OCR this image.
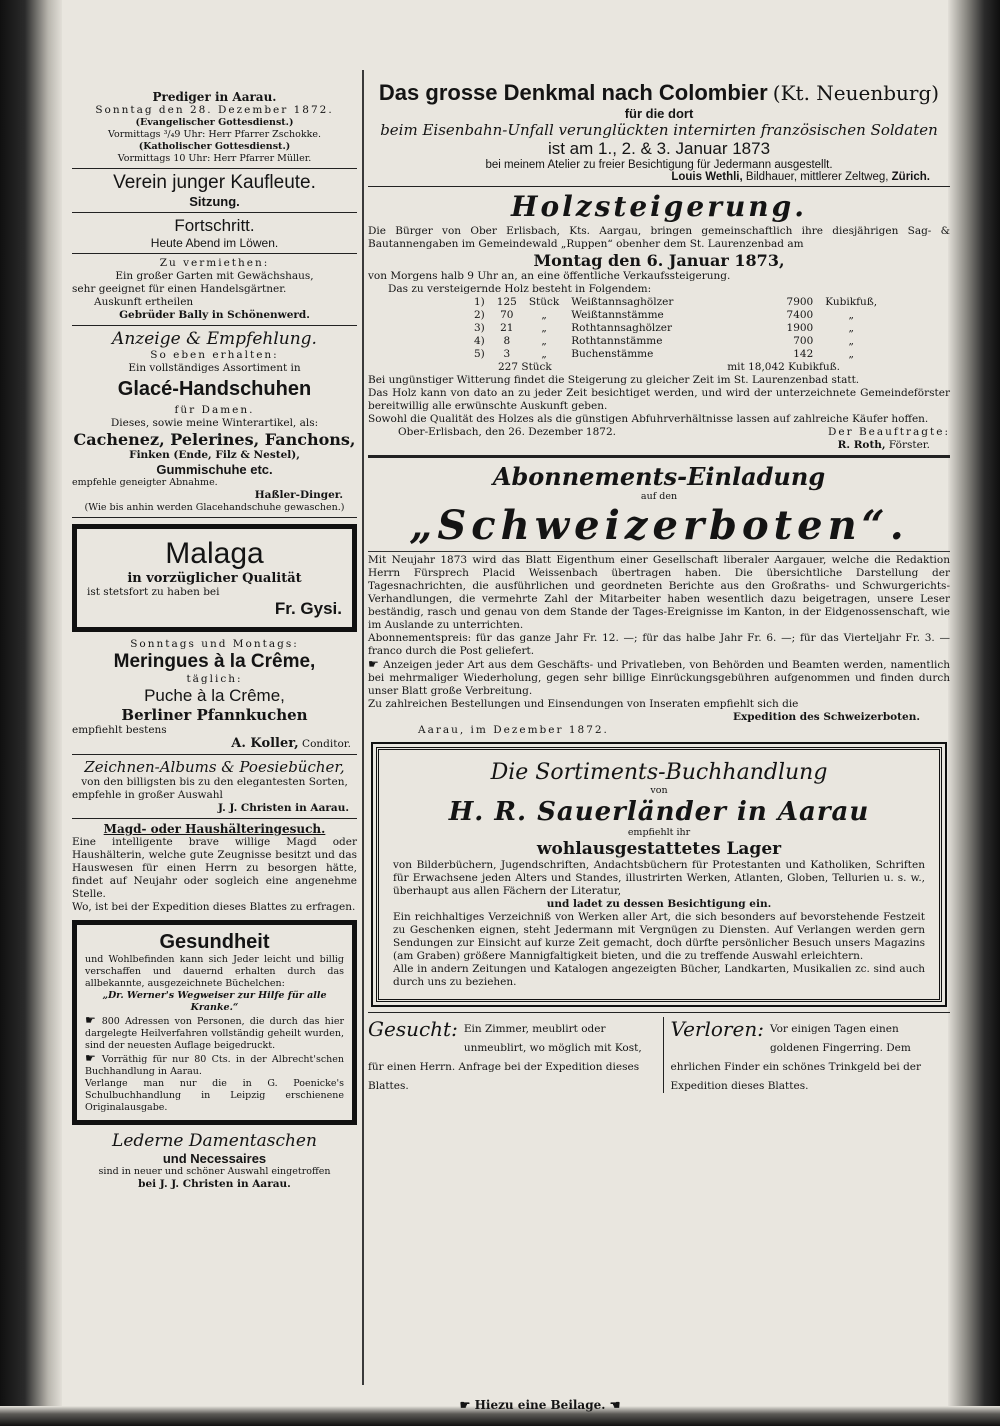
Prediger in Aarau.
Sonntag den 28. Dezember 1872.
(Evangelischer Gottesdienst.)
Vormittags ³/₄9 Uhr: Herr Pfarrer Zschokke.
(Katholischer Gottesdienst.)
Vormittags 10 Uhr: Herr Pfarrer Müller.
Verein junger Kaufleute.
Sitzung.
Fortschritt.
Heute Abend im Löwen.
Zu vermiethen:
Ein großer Garten mit Gewächshaus,
sehr geeignet für einen Handelsgärtner.
Auskunft ertheilen
Gebrüder Bally in Schönenwerd.
Anzeige & Empfehlung.
So eben erhalten:
Ein vollständiges Assortiment in
Glacé-Handschuhen
für Damen.
Dieses, sowie meine Winterartikel, als:
Cachenez, Pelerines, Fanchons,
Finken (Ende, Filz & Nestel),
Gummischuhe etc.
empfehle geneigter Abnahme.
Haßler-Dinger.
(Wie bis anhin werden Glacehandschuhe gewaschen.)
Malaga
in vorzüglicher Qualität
ist stetsfort zu haben bei
Fr. Gysi.
Sonntags und Montags:
Meringues à la Crême,
täglich:
Puche à la Crême,
Berliner Pfannkuchen
empfiehlt bestens
A. Koller, Conditor.
Zeichnen-Albums & Poesiebücher,
von den billigsten bis zu den elegantesten Sorten,
empfehle in großer Auswahl
J. J. Christen in Aarau.
Magd- oder Haushälteringesuch.
Eine intelligente brave willige Magd oder Haushälterin, welche gute Zeugnisse besitzt und das Hauswesen für einen Herrn zu besorgen hätte, findet auf Neujahr oder sogleich eine angenehme Stelle.
Wo, ist bei der Expedition dieses Blattes zu erfragen.
Gesundheit
und Wohlbefinden kann sich Jeder leicht und billig verschaffen und dauernd erhalten durch das allbekannte, ausgezeichnete Büchelchen:
„Dr. Werner's Wegweiser zur Hilfe für alle Kranke.“
☛ 800 Adressen von Personen, die durch das hier dargelegte Heilverfahren vollständig geheilt wurden, sind der neuesten Auflage beigedruckt.
☛ Vorräthig für nur 80 Cts. in der Albrecht'schen Buchhandlung in Aarau.
Verlange man nur die in G. Poenicke's Schulbuchhandlung in Leipzig erschienene Originalausgabe.
Lederne Damentaschen
und Necessaires
sind in neuer und schöner Auswahl eingetroffen
bei J. J. Christen in Aarau.
Das grosse Denkmal nach Colombier (Kt. Neuenburg)
für die dort
beim Eisenbahn-Unfall verunglückten internirten französischen Soldaten
ist am 1., 2. & 3. Januar 1873
bei meinem Atelier zu freier Besichtigung für Jedermann ausgestellt.
Louis Wethli, Bildhauer, mittlerer Zeltweg, Zürich.
Holzsteigerung.
Die Bürger von Ober Erlisbach, Kts. Aargau, bringen gemeinschaftlich ihre diesjährigen Sag- & Bautannengaben im Gemeindewald „Ruppen“ obenher dem St. Laurenzenbad am
Montag den 6. Januar 1873,
von Morgens halb 9 Uhr an, an eine öffentliche Verkaufssteigerung.
Das zu versteigernde Holz besteht in Folgendem:
1)	125	Stück	Weißtannsaghölzer	7900	Kubikfuß,
2)	70	„	Weißtannstämme	7400	„
3)	21	„	Rothtannsaghölzer	1900	„
4)	8	„	Rothtannstämme	700	„
5)	3	„	Buchenstämme	142	„
227 Stück	mit 18,042 Kubikfuß.
Bei ungünstiger Witterung findet die Steigerung zu gleicher Zeit im St. Laurenzenbad statt.
Das Holz kann von dato an zu jeder Zeit besichtiget werden, und wird der unterzeichnete Gemeindeförster bereitwillig alle erwünschte Auskunft geben.
Sowohl die Qualität des Holzes als die günstigen Abfuhrverhältnisse lassen auf zahlreiche Käufer hoffen.
Ober-Erlisbach, den 26. Dezember 1872.	Der Beauftragte:
R. Roth, Förster.
Abonnements-Einladung
auf den
„Schweizerboten“.
Mit Neujahr 1873 wird das Blatt Eigenthum einer Gesellschaft liberaler Aargauer, welche die Redaktion Herrn Fürsprech Placid Weissenbach übertragen haben. Die übersichtliche Darstellung der Tagesnachrichten, die ausführlichen und geordneten Berichte aus den Großraths- und Schwurgerichts-Verhandlungen, die vermehrte Zahl der Mitarbeiter haben wesentlich dazu beigetragen, unsere Leser beständig, rasch und genau von dem Stande der Tages-Ereignisse im Kanton, in der Eidgenossenschaft, wie im Auslande zu unterrichten.
Abonnementspreis: für das ganze Jahr Fr. 12. —; für das halbe Jahr Fr. 6. —; für das Vierteljahr Fr. 3. — franco durch die Post geliefert.
☛ Anzeigen jeder Art aus dem Geschäfts- und Privatleben, von Behörden und Beamten werden, namentlich bei mehrmaliger Wiederholung, gegen sehr billige Einrückungsgebühren aufgenommen und finden durch unser Blatt große Verbreitung.
Zu zahlreichen Bestellungen und Einsendungen von Inseraten empfiehlt sich die
Expedition des Schweizerboten.
Aarau, im Dezember 1872.
Die Sortiments-Buchhandlung
von
H. R. Sauerländer in Aarau
empfiehlt ihr
wohlausgestattetes Lager
von Bilderbüchern, Jugendschriften, Andachtsbüchern für Protestanten und Katholiken, Schriften für Erwachsene jeden Alters und Standes, illustrirten Werken, Atlanten, Globen, Tellurien u. s. w., überhaupt aus allen Fächern der Literatur,
und ladet zu dessen Besichtigung ein.
Ein reichhaltiges Verzeichniß von Werken aller Art, die sich besonders auf bevorstehende Festzeit zu Geschenken eignen, steht Jedermann mit Vergnügen zu Diensten. Auf Verlangen werden gern Sendungen zur Einsicht auf kurze Zeit gemacht, doch dürfte persönlicher Besuch unsers Magazins (am Graben) größere Mannigfaltigkeit bieten, und die zu treffende Auswahl erleichtern.
Alle in andern Zeitungen und Katalogen angezeigten Bücher, Landkarten, Musikalien zc. sind auch durch uns zu beziehen.
Gesucht: Ein Zimmer, meublirt oder unmeublirt, wo möglich mit Kost, für einen Herrn. Anfrage bei der Expedition dieses Blattes.
Verloren: Vor einigen Tagen einen goldenen Fingerring. Dem ehrlichen Finder ein schönes Trinkgeld bei der Expedition dieses Blattes.
☛ Hiezu eine Beilage. ☚
